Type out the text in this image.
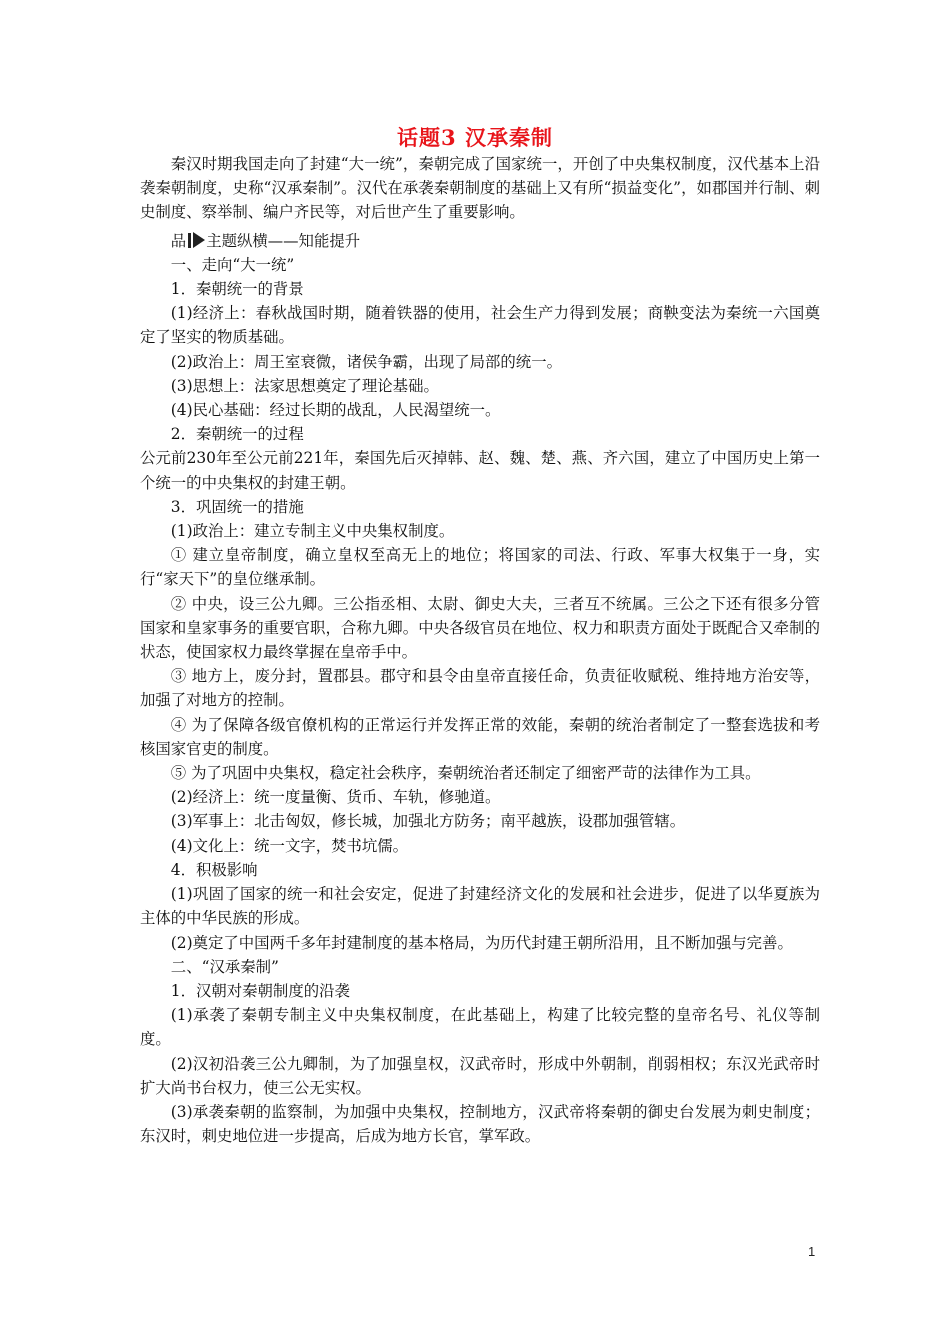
话题3 汉承秦制

秦汉时期我国走向了封建“大一统”，秦朝完成了国家统一，开创了中央集权制度，汉代基本上沿袭秦朝制度，史称“汉承秦制”。汉代在承袭秦朝制度的基础上又有所“损益变化”，如郡国并行制、刺史制度、察举制、编户齐民等，对后世产生了重要影响。

品 主题纵横——知能提升

一、走向“大一统”

1．秦朝统一的背景

(1)经济上：春秋战国时期，随着铁器的使用，社会生产力得到发展；商鞅变法为秦统一六国奠定了坚实的物质基础。

(2)政治上：周王室衰微，诸侯争霸，出现了局部的统一。

(3)思想上：法家思想奠定了理论基础。

(4)民心基础：经过长期的战乱，人民渴望统一。

2．秦朝统一的过程

公元前230年至公元前221年，秦国先后灭掉韩、赵、魏、楚、燕、齐六国，建立了中国历史上第一个统一的中央集权的封建王朝。

3．巩固统一的措施

(1)政治上：建立专制主义中央集权制度。

① 建立皇帝制度，确立皇权至高无上的地位；将国家的司法、行政、军事大权集于一身，实行“家天下”的皇位继承制。

② 中央，设三公九卿。三公指丞相、太尉、御史大夫，三者互不统属。三公之下还有很多分管国家和皇家事务的重要官职，合称九卿。中央各级官员在地位、权力和职责方面处于既配合又牵制的状态，使国家权力最终掌握在皇帝手中。

③ 地方上，废分封，置郡县。郡守和县令由皇帝直接任命，负责征收赋税、维持地方治安等，加强了对地方的控制。

④ 为了保障各级官僚机构的正常运行并发挥正常的效能，秦朝的统治者制定了一整套选拔和考核国家官吏的制度。

⑤ 为了巩固中央集权，稳定社会秩序，秦朝统治者还制定了细密严苛的法律作为工具。

(2)经济上：统一度量衡、货币、车轨，修驰道。

(3)军事上：北击匈奴，修长城，加强北方防务；南平越族，设郡加强管辖。

(4)文化上：统一文字，焚书坑儒。

4．积极影响

(1)巩固了国家的统一和社会安定，促进了封建经济文化的发展和社会进步，促进了以华夏族为主体的中华民族的形成。

(2)奠定了中国两千多年封建制度的基本格局，为历代封建王朝所沿用，且不断加强与完善。

二、“汉承秦制”

1．汉朝对秦朝制度的沿袭

(1)承袭了秦朝专制主义中央集权制度，在此基础上，构建了比较完整的皇帝名号、礼仪等制度。

(2)汉初沿袭三公九卿制，为了加强皇权，汉武帝时，形成中外朝制，削弱相权；东汉光武帝时扩大尚书台权力，使三公无实权。

(3)承袭秦朝的监察制，为加强中央集权，控制地方，汉武帝将秦朝的御史台发展为刺史制度；东汉时，刺史地位进一步提高，后成为地方长官，掌军政。

1
